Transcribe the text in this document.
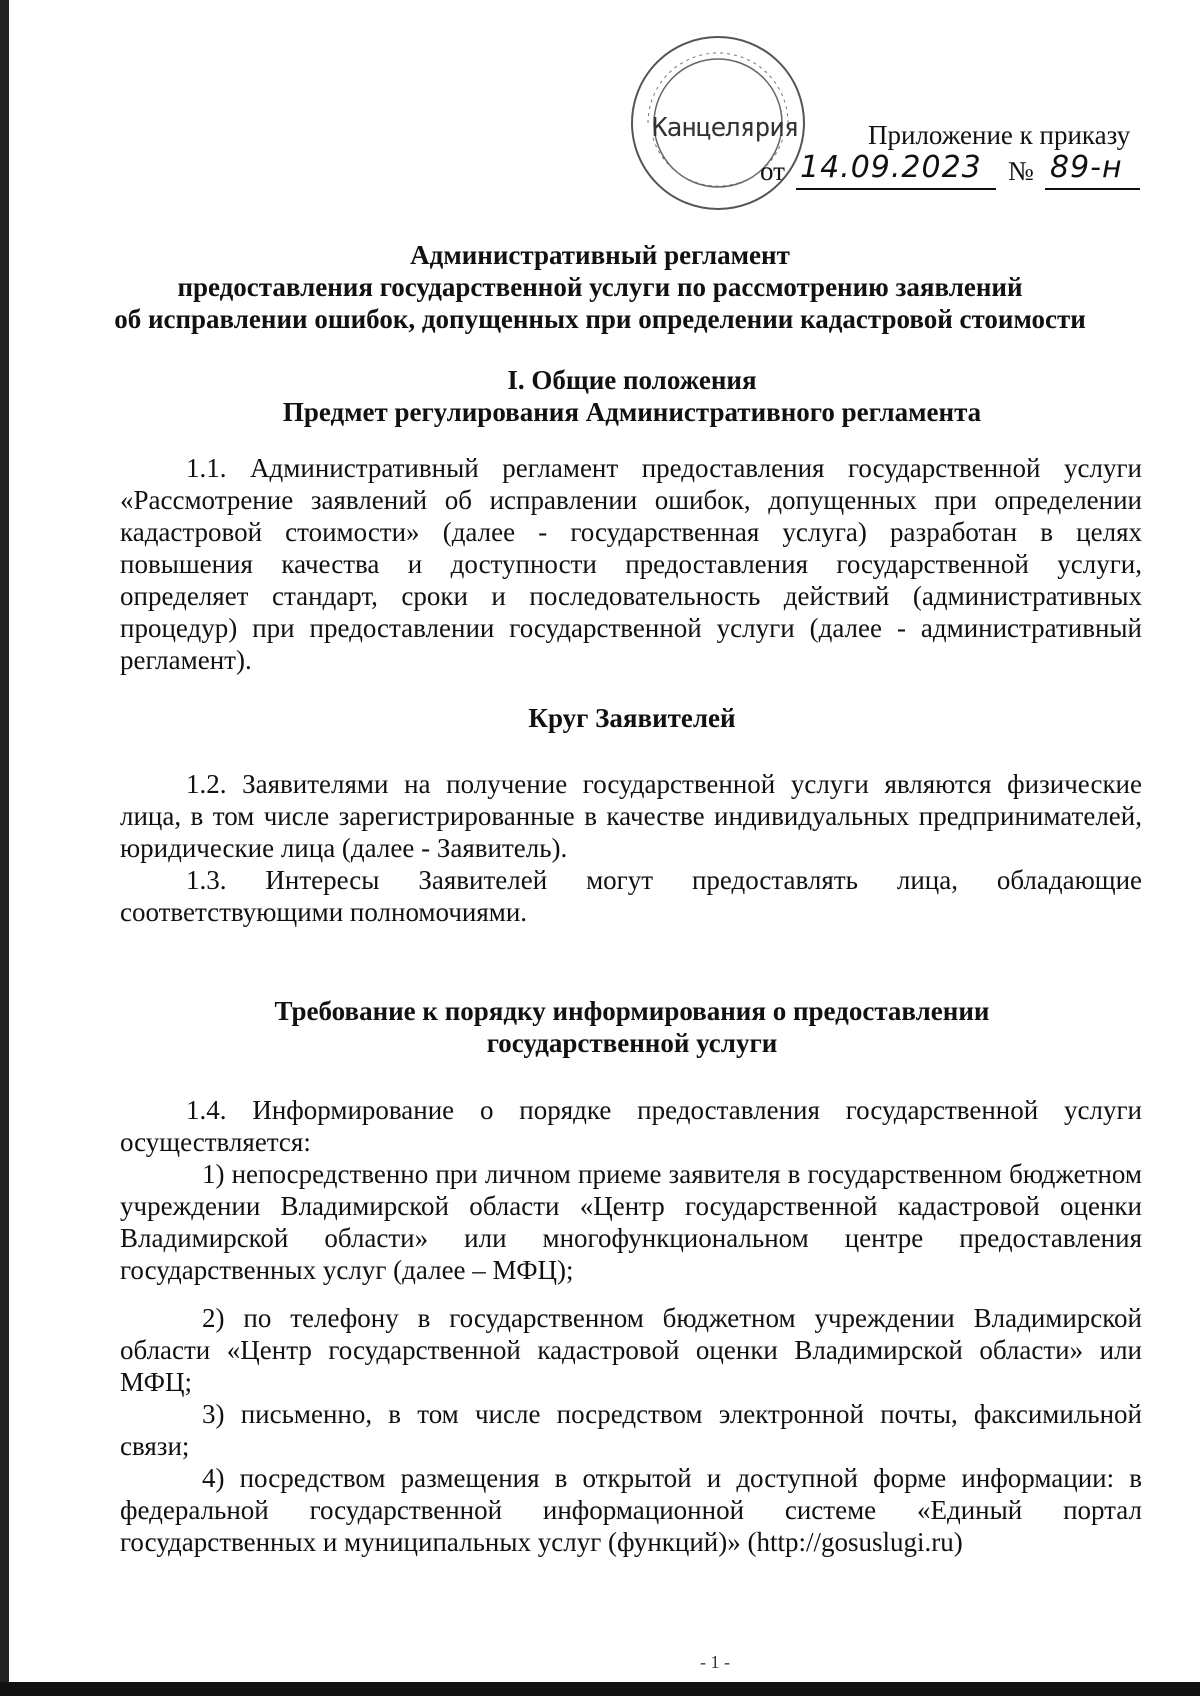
Канцелярия	Приложение к приказу
от 14.09.2023 № 89-н
Административный регламент
предоставления государственной услуги по рассмотрению заявлений
об исправлении ошибок, допущенных при определении кадастровой стоимости
I. Общие положения
Предмет регулирования Административного регламента
1.1. Административный регламент предоставления государственной услуги «Рассмотрение заявлений об исправлении ошибок, допущенных при определении кадастровой стоимости» (далее - государственная услуга) разработан в целях повышения качества и доступности предоставления государственной услуги, определяет стандарт, сроки и последовательность действий (административных процедур) при предоставлении государственной услуги (далее - административный регламент).
Круг Заявителей
1.2. Заявителями на получение государственной услуги являются физические лица, в том числе зарегистрированные в качестве индивидуальных предпринимателей, юридические лица (далее - Заявитель).
1.3. Интересы Заявителей могут предоставлять лица, обладающие соответствующими полномочиями.
Требование к порядку информирования о предоставлении
государственной услуги
1.4. Информирование о порядке предоставления государственной услуги осуществляется:
1) непосредственно при личном приеме заявителя в государственном бюджетном учреждении Владимирской области «Центр государственной кадастровой оценки Владимирской области» или многофункциональном центре предоставления государственных услуг (далее – МФЦ);
2) по телефону в государственном бюджетном учреждении Владимирской области «Центр государственной кадастровой оценки Владимирской области» или МФЦ;
3) письменно, в том числе посредством электронной почты, факсимильной связи;
4) посредством размещения в открытой и доступной форме информации: в федеральной государственной информационной системе «Единый портал государственных и муниципальных услуг (функций)» (http://gosuslugi.ru)
- 1 -
